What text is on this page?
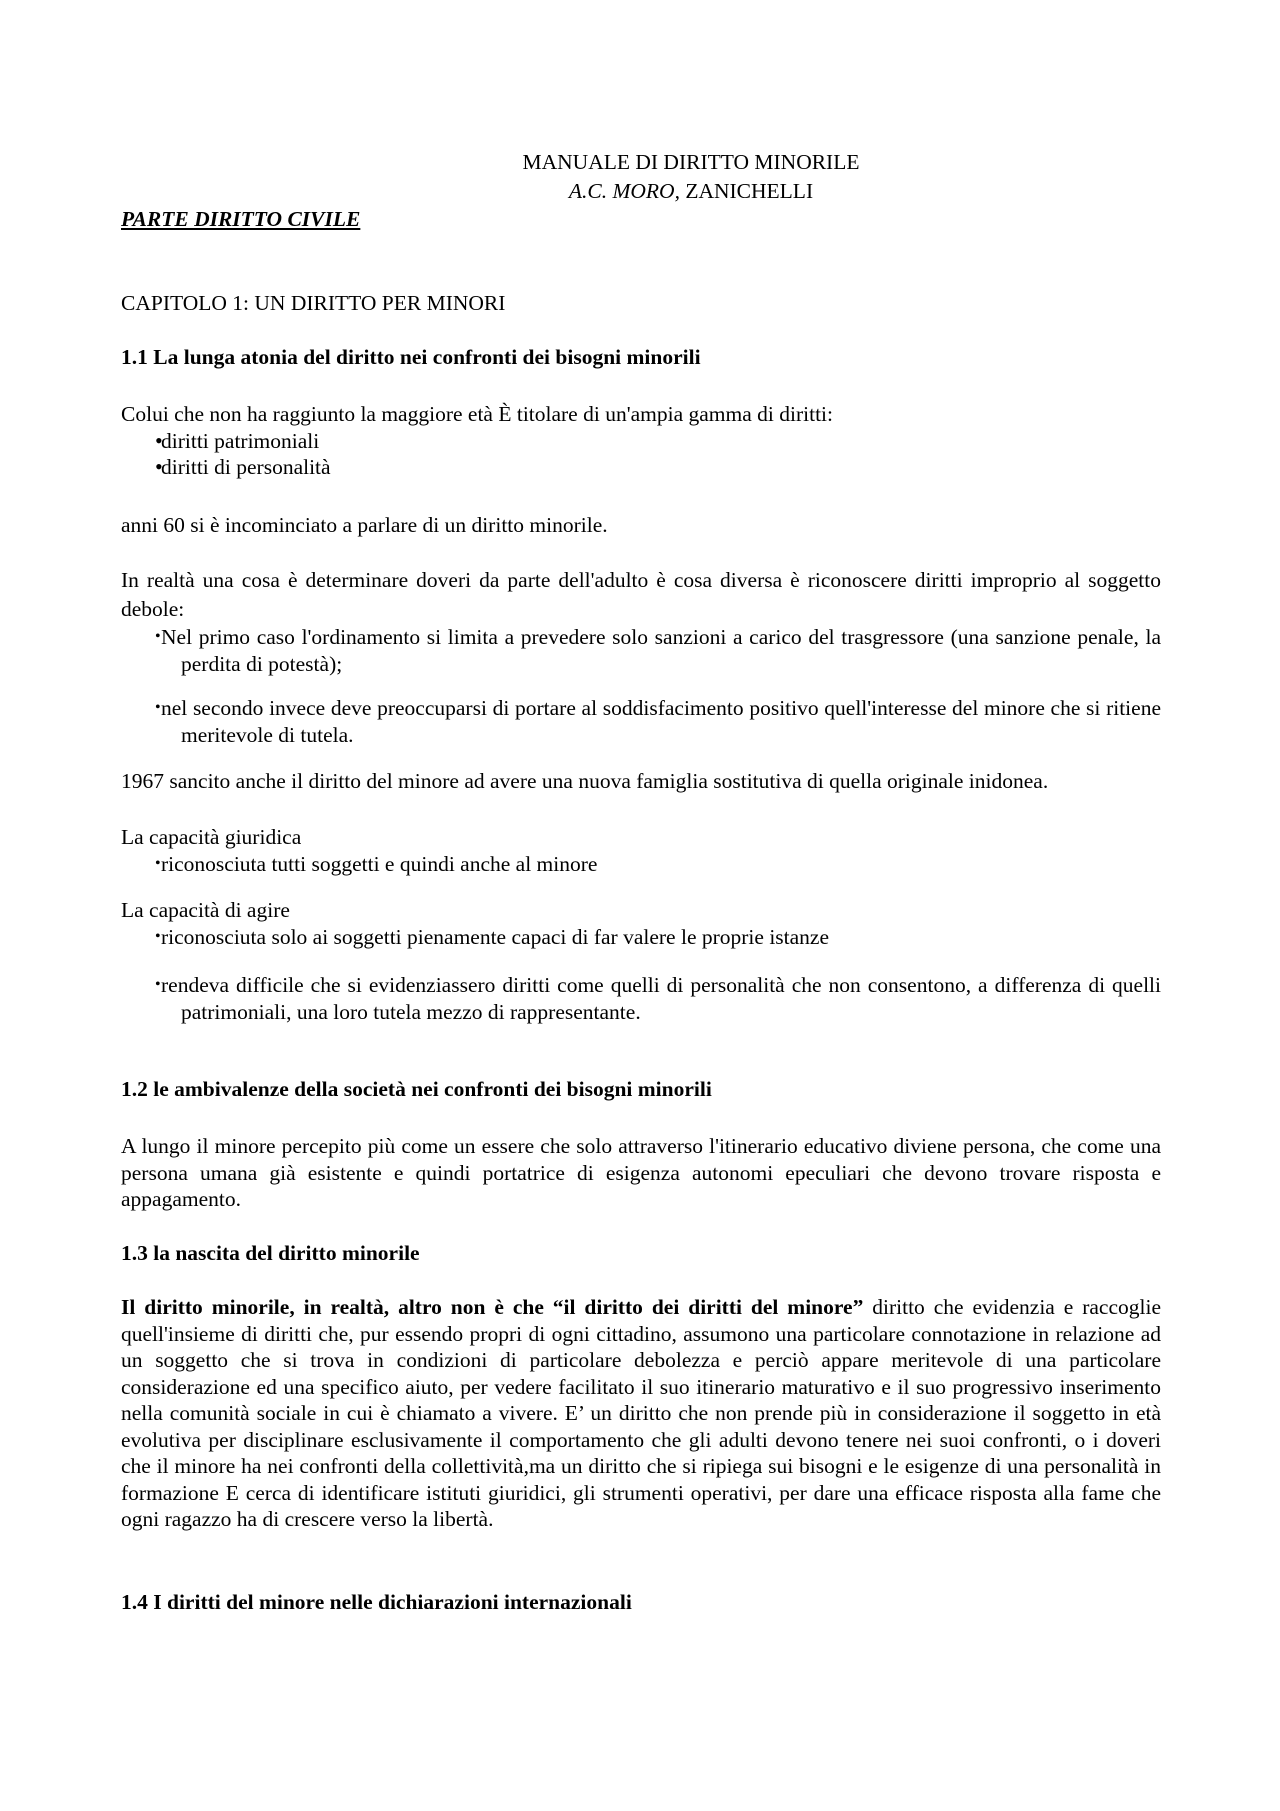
MANUALE DI DIRITTO MINORILE
A.C. MORO, ZANICHELLI
PARTE DIRITTO CIVILE
CAPITOLO 1: UN DIRITTO PER MINORI
1.1 La lunga atonia del diritto nei confronti dei bisogni minorili

Colui che non ha raggiunto la maggiore età È titolare di un'ampia gamma di diritti:

• diritti patrimoniali
• diritti di personalità
anni 60 si è incominciato a parlare di un diritto minorile.

In realtà una cosa è determinare doveri da parte dell'adulto è cosa diversa è riconoscere diritti improprio al soggetto debole:

• Nel primo caso l'ordinamento si limita a prevedere solo sanzioni a carico del trasgressore (una sanzione penale, la perdita di potestà);
• nel secondo invece deve preoccuparsi di portare al soddisfacimento positivo quell'interesse del minore che si ritiene meritevole di tutela.
1967 sancito anche il diritto del minore ad avere una nuova famiglia sostitutiva di quella originale inidonea.

La capacità giuridica

• riconosciuta tutti soggetti e quindi anche al minore

La capacità di agire

• riconosciuta solo ai soggetti pienamente capaci di far valere le proprie istanze
• rendeva difficile che si evidenziassero diritti come quelli di personalità che non consentono, a differenza di quelli patrimoniali, una loro tutela mezzo di rappresentante.
1.2 le ambivalenze della società nei confronti dei bisogni minorili
A lungo il minore percepito più come un essere che solo attraverso l'itinerario educativo diviene persona, che come una persona umana già esistente e quindi portatrice di esigenza autonomi epeculiari che devono trovare risposta e appagamento.
1.3 la nascita del diritto minorile
Il diritto minorile, in realtà, altro non è che “il diritto dei diritti del minore” diritto che evidenzia e raccoglie quell'insieme di diritti che, pur essendo propri di ogni cittadino, assumono una particolare connotazione in relazione ad un soggetto che si trova in condizioni di particolare debolezza e perciò appare meritevole di una particolare considerazione ed una specifico aiuto, per vedere facilitato il suo itinerario maturativo e il suo progressivo inserimento nella comunità sociale in cui è chiamato a vivere. E’ un diritto che non prende più in considerazione il soggetto in età evolutiva per disciplinare esclusivamente il comportamento che gli adulti devono tenere nei suoi confronti, o i doveri che il minore ha nei confronti della collettività,ma un diritto che si ripiega sui bisogni e le esigenze di una personalità in formazione E cerca di identificare istituti giuridici, gli strumenti operativi, per dare una efficace risposta alla fame che ogni ragazzo ha di crescere verso la libertà.
1.4 I diritti del minore nelle dichiarazioni internazionali
